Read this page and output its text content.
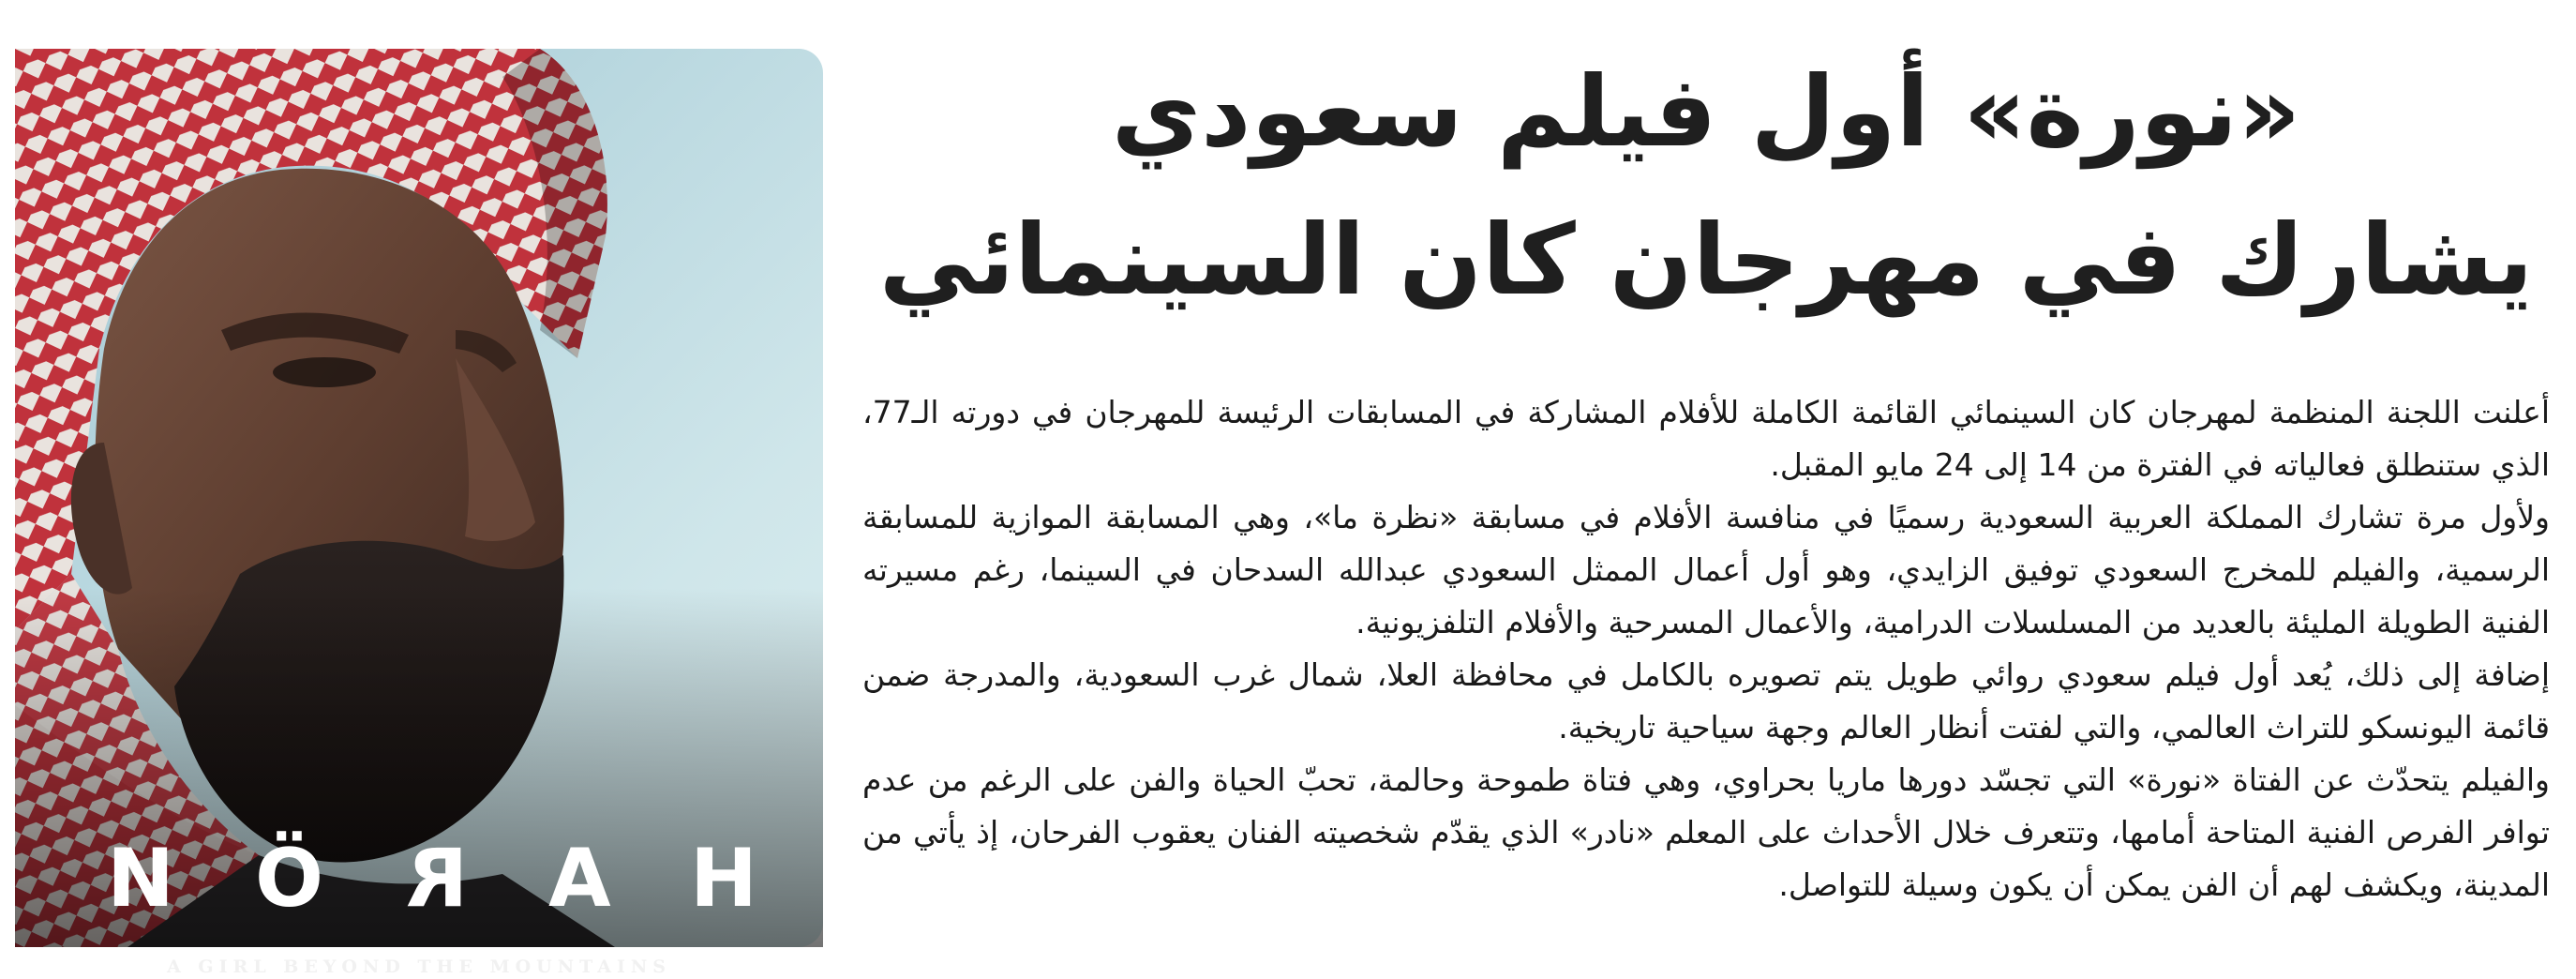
N Ö R A H
A GIRL BEYOND THE MOUNTAINS
«نورة» أول فيلم سعودي
يشارك في مهرجان كان السينمائي

أعلنت اللجنة المنظمة لمهرجان كان السينمائي القائمة الكاملة للأفلام المشاركة في المسابقات الرئيسة للمهرجان في دورته الـ77، الذي ستنطلق فعالياته في الفترة من 14 إلى 24 مايو المقبل.

ولأول مرة تشارك المملكة العربية السعودية رسميًا في منافسة الأفلام في مسابقة «نظرة ما»، وهي المسابقة الموازية للمسابقة الرسمية، والفيلم للمخرج السعودي توفيق الزايدي، وهو أول أعمال الممثل السعودي عبدالله السدحان في السينما، رغم مسيرته الفنية الطويلة المليئة بالعديد من المسلسلات الدرامية، والأعمال المسرحية والأفلام التلفزيونية.

إضافة إلى ذلك، يُعد أول فيلم سعودي روائي طويل يتم تصويره بالكامل في محافظة العلا، شمال غرب السعودية، والمدرجة ضمن قائمة اليونسكو للتراث العالمي، والتي لفتت أنظار العالم وجهة سياحية تاريخية.

والفيلم يتحدّث عن الفتاة «نورة» التي تجسّد دورها ماريا بحراوي، وهي فتاة طموحة وحالمة، تحبّ الحياة والفن على الرغم من عدم توافر الفرص الفنية المتاحة أمامها، وتتعرف خلال الأحداث على المعلم «نادر» الذي يقدّم شخصيته الفنان يعقوب الفرحان، إذ يأتي من المدينة، ويكشف لهم أن الفن يمكن أن يكون وسيلة للتواصل.
